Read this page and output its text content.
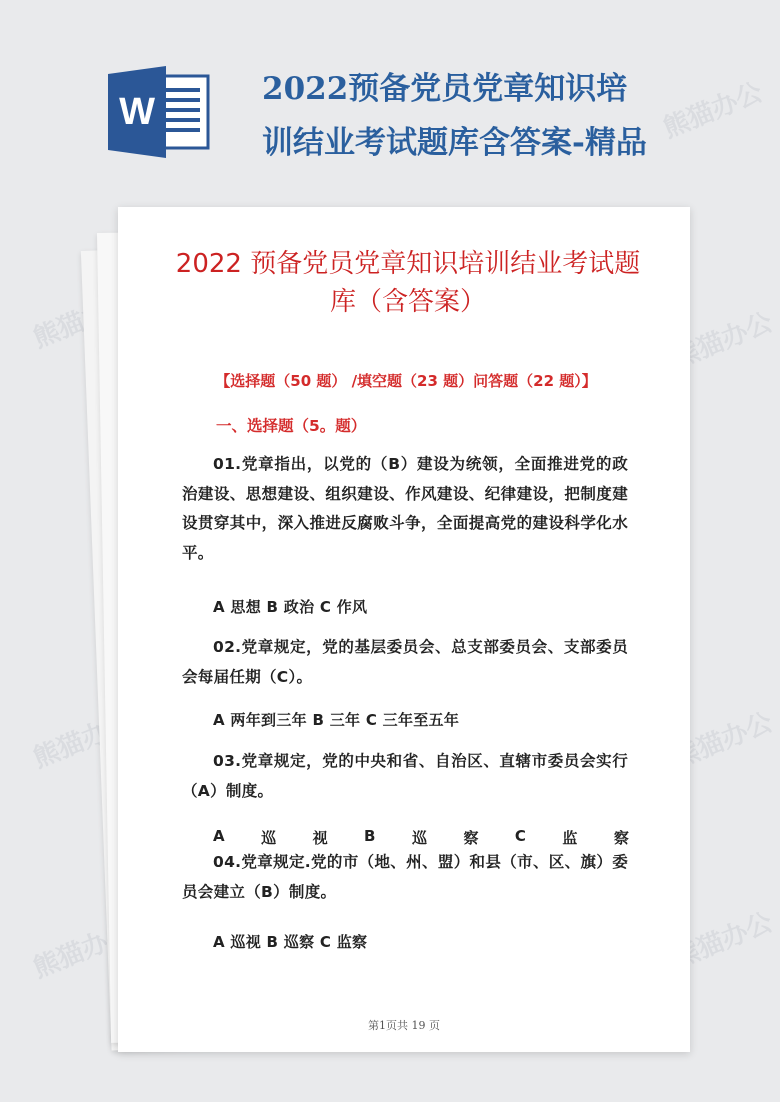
W
2022预备党员党章知识培
训结业考试题库含答案-精品 熊猫办公
熊猫办公
熊猫办公	熊猫办公
熊猫办公	熊猫办公
2022 预备党员党章知识培训结业考试题
库（含答案）
【选择题（50 题） /填空题（23 题）问答题（22 题）】
一、选择题（5。题）
01.党章指出，以党的（B）建设为统领，全面推进党的政治建设、思想建设、组织建设、作风建设、纪律建设，把制度建设贯穿其中，深入推进反腐败斗争，全面提高党的建设科学化水平。
A 思想 B 政治 C 作风
02.党章规定，党的基层委员会、总支部委员会、支部委员会每届任期（C）。
A 两年到三年 B 三年 C 三年至五年
03.党章规定，党的中央和省、自治区、直辖市委员会实行（A）制度。
A 巡 视 B 巡 察 C 监 察
04.党章规定.党的市（地、州、盟）和县（市、区、旗）委员会建立（B）制度。
A 巡视 B 巡察 C 监察
第1页共 19 页
